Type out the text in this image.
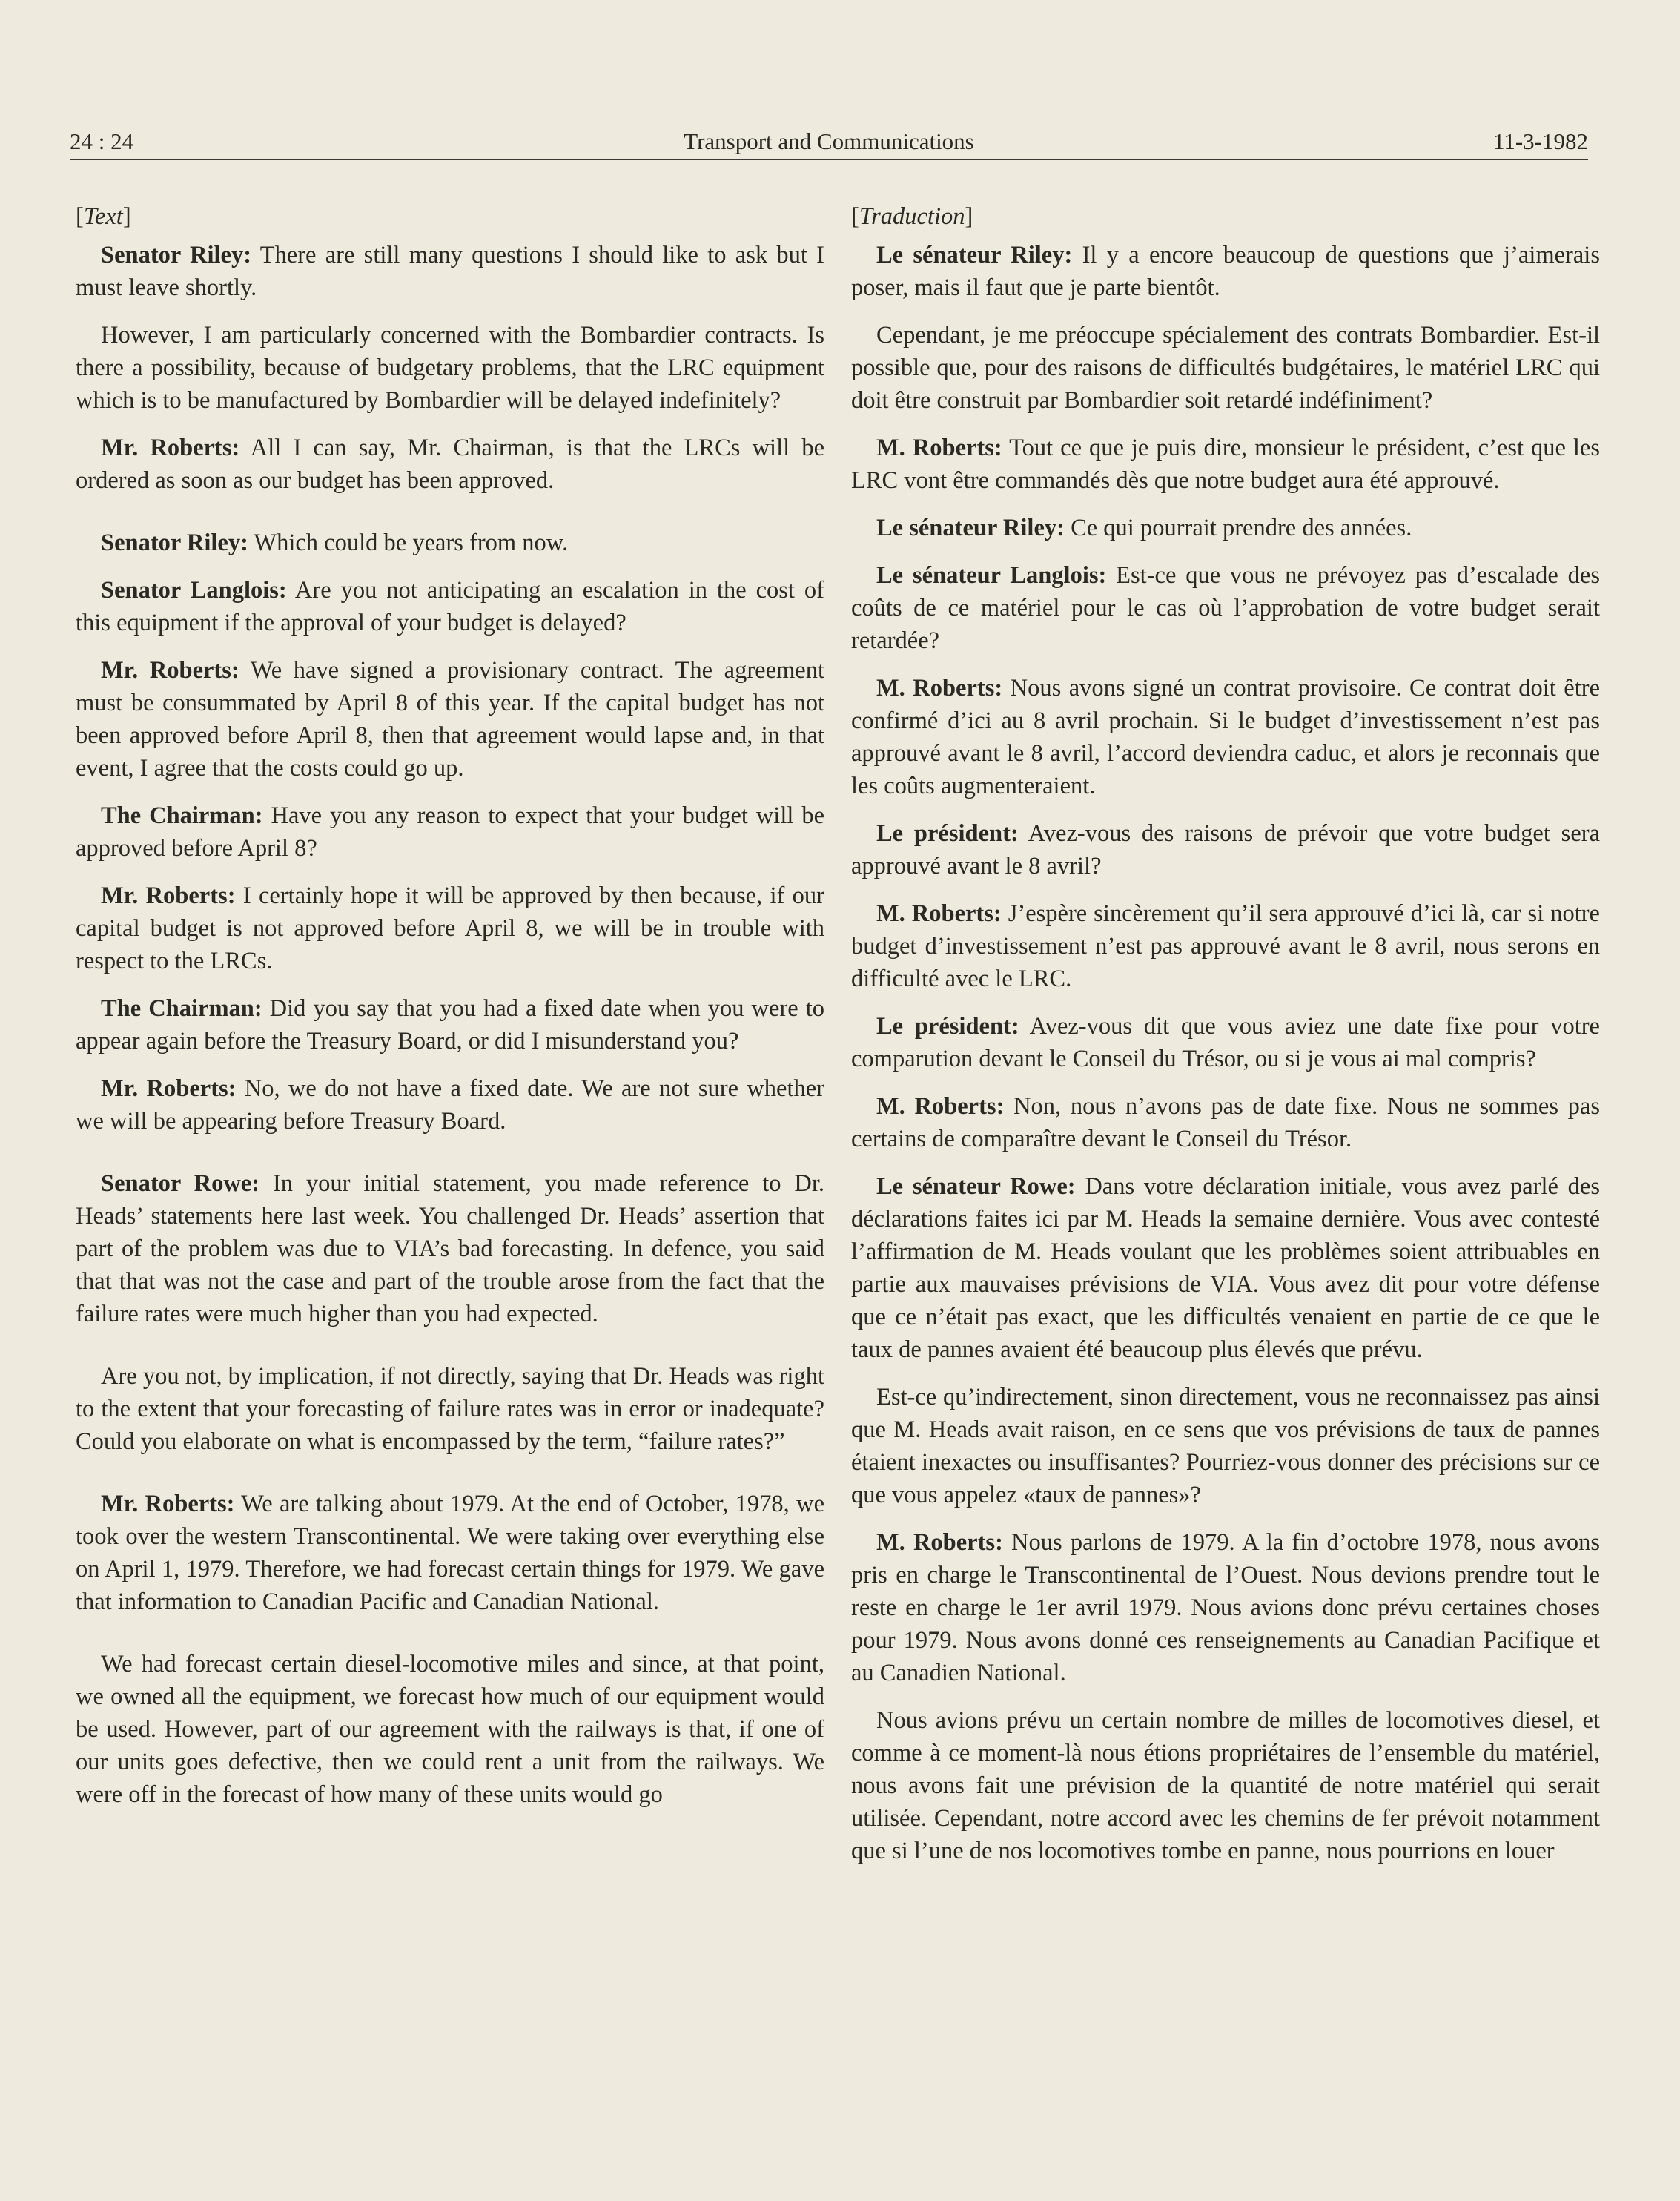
24 : 24	Transport and Communications	11-3-1982

[Text]

Senator Riley: There are still many questions I should like to ask but I must leave shortly.

However, I am particularly concerned with the Bombardier contracts. Is there a possibility, because of budgetary problems, that the LRC equipment which is to be manufactured by Bombardier will be delayed indefinitely?

Mr. Roberts: All I can say, Mr. Chairman, is that the LRCs will be ordered as soon as our budget has been approved.

Senator Riley: Which could be years from now.

Senator Langlois: Are you not anticipating an escalation in the cost of this equipment if the approval of your budget is delayed?

Mr. Roberts: We have signed a provisionary contract. The agreement must be consummated by April 8 of this year. If the capital budget has not been approved before April 8, then that agreement would lapse and, in that event, I agree that the costs could go up.

The Chairman: Have you any reason to expect that your budget will be approved before April 8?

Mr. Roberts: I certainly hope it will be approved by then because, if our capital budget is not approved before April 8, we will be in trouble with respect to the LRCs.

The Chairman: Did you say that you had a fixed date when you were to appear again before the Treasury Board, or did I misunderstand you?

Mr. Roberts: No, we do not have a fixed date. We are not sure whether we will be appearing before Treasury Board.

Senator Rowe: In your initial statement, you made reference to Dr. Heads’ statements here last week. You challenged Dr. Heads’ assertion that part of the problem was due to VIA’s bad forecasting. In defence, you said that that was not the case and part of the trouble arose from the fact that the failure rates were much higher than you had expected.

Are you not, by implication, if not directly, saying that Dr. Heads was right to the extent that your forecasting of failure rates was in error or inadequate? Could you elaborate on what is encompassed by the term, “failure rates?”

Mr. Roberts: We are talking about 1979. At the end of October, 1978, we took over the western Transcontinental. We were taking over everything else on April 1, 1979. Therefore, we had forecast certain things for 1979. We gave that information to Canadian Pacific and Canadian National.

We had forecast certain diesel-locomotive miles and since, at that point, we owned all the equipment, we forecast how much of our equipment would be used. However, part of our agreement with the railways is that, if one of our units goes defective, then we could rent a unit from the railways. We were off in the forecast of how many of these units would go

[Traduction]

Le sénateur Riley: Il y a encore beaucoup de questions que j’aimerais poser, mais il faut que je parte bientôt.

Cependant, je me préoccupe spécialement des contrats Bombardier. Est-il possible que, pour des raisons de difficultés budgétaires, le matériel LRC qui doit être construit par Bombardier soit retardé indéfiniment?

M. Roberts: Tout ce que je puis dire, monsieur le président, c’est que les LRC vont être commandés dès que notre budget aura été approuvé.

Le sénateur Riley: Ce qui pourrait prendre des années.

Le sénateur Langlois: Est-ce que vous ne prévoyez pas d’escalade des coûts de ce matériel pour le cas où l’approbation de votre budget serait retardée?

M. Roberts: Nous avons signé un contrat provisoire. Ce contrat doit être confirmé d’ici au 8 avril prochain. Si le budget d’investissement n’est pas approuvé avant le 8 avril, l’accord deviendra caduc, et alors je reconnais que les coûts augmenteraient.

Le président: Avez-vous des raisons de prévoir que votre budget sera approuvé avant le 8 avril?

M. Roberts: J’espère sincèrement qu’il sera approuvé d’ici là, car si notre budget d’investissement n’est pas approuvé avant le 8 avril, nous serons en difficulté avec le LRC.

Le président: Avez-vous dit que vous aviez une date fixe pour votre comparution devant le Conseil du Trésor, ou si je vous ai mal compris?

M. Roberts: Non, nous n’avons pas de date fixe. Nous ne sommes pas certains de comparaître devant le Conseil du Trésor.

Le sénateur Rowe: Dans votre déclaration initiale, vous avez parlé des déclarations faites ici par M. Heads la semaine dernière. Vous avec contesté l’affirmation de M. Heads voulant que les problèmes soient attribuables en partie aux mauvaises prévisions de VIA. Vous avez dit pour votre défense que ce n’était pas exact, que les difficultés venaient en partie de ce que le taux de pannes avaient été beaucoup plus élevés que prévu.

Est-ce qu’indirectement, sinon directement, vous ne reconnaissez pas ainsi que M. Heads avait raison, en ce sens que vos prévisions de taux de pannes étaient inexactes ou insuffisantes? Pourriez-vous donner des précisions sur ce que vous appelez «taux de pannes»?

M. Roberts: Nous parlons de 1979. A la fin d’octobre 1978, nous avons pris en charge le Transcontinental de l’Ouest. Nous devions prendre tout le reste en charge le 1er avril 1979. Nous avions donc prévu certaines choses pour 1979. Nous avons donné ces renseignements au Canadian Pacifique et au Canadien National.

Nous avions prévu un certain nombre de milles de locomotives diesel, et comme à ce moment-là nous étions propriétaires de l’ensemble du matériel, nous avons fait une prévision de la quantité de notre matériel qui serait utilisée. Cependant, notre accord avec les chemins de fer prévoit notamment que si l’une de nos locomotives tombe en panne, nous pourrions en louer
